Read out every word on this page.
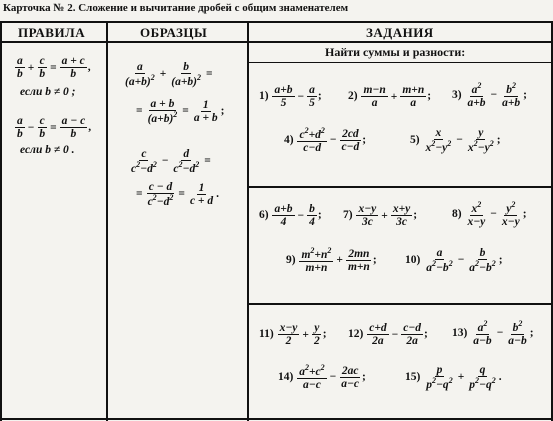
Карточка № 2. Сложение и вычитание дробей с общим знаменателем
ПРАВИЛА	ОБРАЗЦЫ	ЗАДАНИЯ
Найти суммы и разности:
$\frac{a}{b} + \frac{c}{b} = \frac{a + c}{b}$ ,
если b ≠ 0 ;
$\frac{a}{b} - \frac{c}{b} = \frac{a - c}{b}$ ,
если b ≠ 0 .
$\frac{a}{(a+b)^2} + \frac{b}{(a+b)^2}$ =
= $\frac{a + b}{(a+b)^2} = \frac{1}{a + b}$ ;
$\frac{c}{c^2-d^2} - \frac{d}{c^2-d^2}$ =
= $\frac{c - d}{c^2-d^2} = \frac{1}{c + d}$ .
$1) \frac{a+b}{5} - \frac{a}{5}$ ; $2) \frac{m-n}{a} + \frac{m+n}{a}$ ; $3) \frac{a^2}{a+b} - \frac{b^2}{a+b}$ ;
$4) \frac{c^2+d^2}{c-d} - \frac{2cd}{c-d}$ ;	$5) \frac{x}{x^2-y^2} - \frac{y}{x^2-y^2}$ ;
$6) \frac{a+b}{4} - \frac{b}{4}$ ; $7) \frac{x-y}{3c} + \frac{x+y}{3c}$ ;	$8) \frac{x^2}{x-y} - \frac{y^2}{x-y}$ ;
$9) \frac{m^2+n^2}{m+n} + \frac{2mn}{m+n}$ ; $10) \frac{a}{a^2-b^2} - \frac{b}{a^2-b^2}$ ;
$11) \frac{x-y}{2} + \frac{y}{2}$ ; $12) \frac{c+d}{2a} - \frac{c-d}{2a}$ ; $13) \frac{a^2}{a-b} - \frac{b^2}{a-b}$ ;
$14) \frac{a^2+c^2}{a-c} - \frac{2ac}{a-c}$ ;	$15) \frac{p}{p^2-q^2} + \frac{q}{p^2-q^2}$ .
